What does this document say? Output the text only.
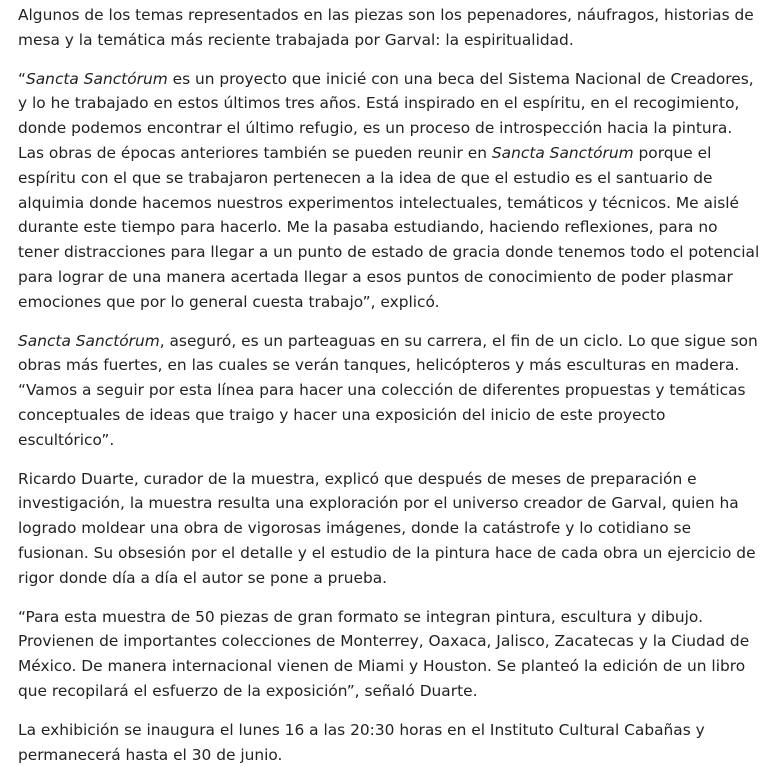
Algunos de los temas representados en las piezas son los pepenadores, náufragos, historias de mesa y la temática más reciente trabajada por Garval: la espiritualidad.

“Sancta Sanctórum es un proyecto que inicié con una beca del Sistema Nacional de Creadores, y lo he trabajado en estos últimos tres años. Está inspirado en el espíritu, en el recogimiento, donde podemos encontrar el último refugio, es un proceso de introspección hacia la pintura. Las obras de épocas anteriores también se pueden reunir en Sancta Sanctórum porque el espíritu con el que se trabajaron pertenecen a la idea de que el estudio es el santuario de alquimia donde hacemos nuestros experimentos intelectuales, temáticos y técnicos. Me aislé durante este tiempo para hacerlo. Me la pasaba estudiando, haciendo reflexiones, para no tener distracciones para llegar a un punto de estado de gracia donde tenemos todo el potencial para lograr de una manera acertada llegar a esos puntos de conocimiento de poder plasmar emociones que por lo general cuesta trabajo”, explicó.

Sancta Sanctórum, aseguró, es un parteaguas en su carrera, el fin de un ciclo. Lo que sigue son obras más fuertes, en las cuales se verán tanques, helicópteros y más esculturas en madera. “Vamos a seguir por esta línea para hacer una colección de diferentes propuestas y temáticas conceptuales de ideas que traigo y hacer una exposición del inicio de este proyecto escultórico”.

Ricardo Duarte, curador de la muestra, explicó que después de meses de preparación e investigación, la muestra resulta una exploración por el universo creador de Garval, quien ha logrado moldear una obra de vigorosas imágenes, donde la catástrofe y lo cotidiano se fusionan. Su obsesión por el detalle y el estudio de la pintura hace de cada obra un ejercicio de rigor donde día a día el autor se pone a prueba.

“Para esta muestra de 50 piezas de gran formato se integran pintura, escultura y dibujo. Provienen de importantes colecciones de Monterrey, Oaxaca, Jalisco, Zacatecas y la Ciudad de México. De manera internacional vienen de Miami y Houston. Se planteó la edición de un libro que recopilará el esfuerzo de la exposición”, señaló Duarte.

La exhibición se inaugura el lunes 16 a las 20:30 horas en el Instituto Cultural Cabañas y permanecerá hasta el 30 de junio.
